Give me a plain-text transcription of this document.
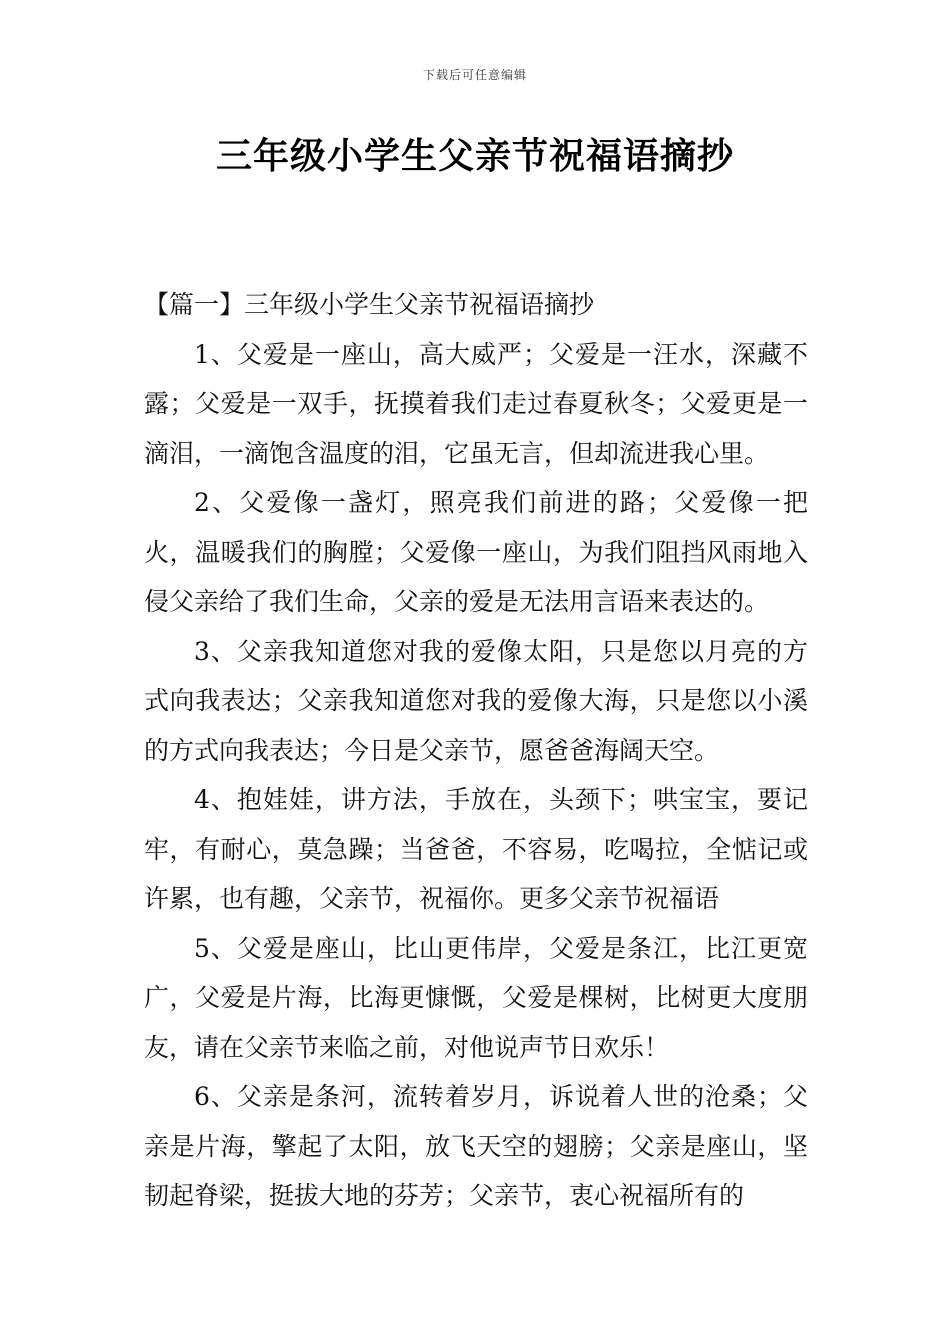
下载后可任意编辑
三年级小学生父亲节祝福语摘抄

【篇一】三年级小学生父亲节祝福语摘抄

1、父爱是一座山，高大威严；父爱是一汪水，深藏不露；父爱是一双手，抚摸着我们走过春夏秋冬；父爱更是一滴泪，一滴饱含温度的泪，它虽无言，但却流进我心里。

2、父爱像一盏灯，照亮我们前进的路；父爱像一把火，温暖我们的胸膛；父爱像一座山，为我们阻挡风雨地入侵父亲给了我们生命，父亲的爱是无法用言语来表达的。

3、父亲我知道您对我的爱像太阳，只是您以月亮的方式向我表达；父亲我知道您对我的爱像大海，只是您以小溪的方式向我表达；今日是父亲节，愿爸爸海阔天空。

4、抱娃娃，讲方法，手放在，头颈下；哄宝宝，要记牢，有耐心，莫急躁；当爸爸，不容易，吃喝拉，全惦记或许累，也有趣，父亲节，祝福你。更多父亲节祝福语

5、父爱是座山，比山更伟岸，父爱是条江，比江更宽广，父爱是片海，比海更慷慨，父爱是棵树，比树更大度朋友，请在父亲节来临之前，对他说声节日欢乐！

6、父亲是条河，流转着岁月，诉说着人世的沧桑；父亲是片海，擎起了太阳，放飞天空的翅膀；父亲是座山，坚韧起脊梁，挺拔大地的芬芳；父亲节，衷心祝福所有的
